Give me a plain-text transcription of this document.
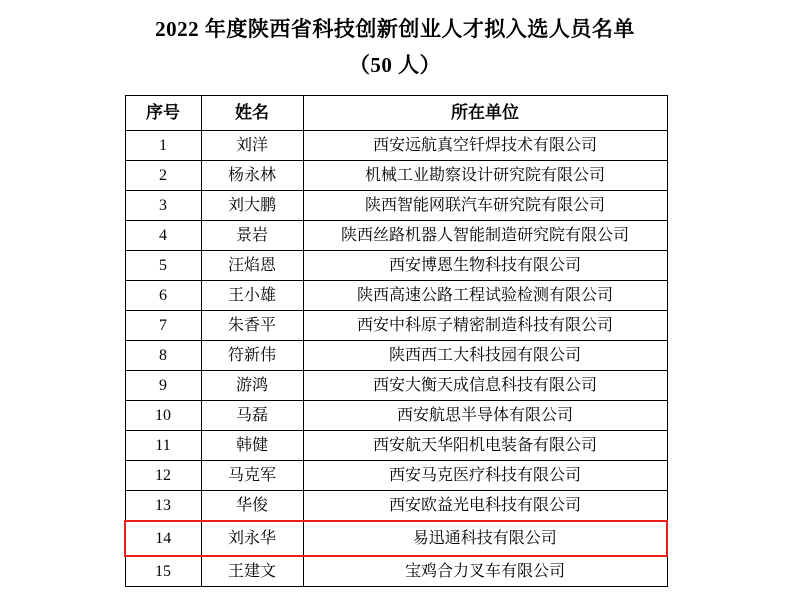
2022 年度陕西省科技创新创业人才拟入选人员名单
（50 人）
序号	姓名	所在单位
1	刘洋	西安远航真空钎焊技术有限公司
2	杨永林	机械工业勘察设计研究院有限公司
3	刘大鹏	陕西智能网联汽车研究院有限公司
4	景岩	陕西丝路机器人智能制造研究院有限公司
5	汪焰恩	西安博恩生物科技有限公司
6	王小雄	陕西高速公路工程试验检测有限公司
7	朱香平	西安中科原子精密制造科技有限公司
8	符新伟	陕西西工大科技园有限公司
9	游鸿	西安大衡天成信息科技有限公司
10	马磊	西安航思半导体有限公司
11	韩健	西安航天华阳机电装备有限公司
12	马克军	西安马克医疗科技有限公司
13	华俊	西安欧益光电科技有限公司
14	刘永华	易迅通科技有限公司
15	王建文	宝鸡合力叉车有限公司
